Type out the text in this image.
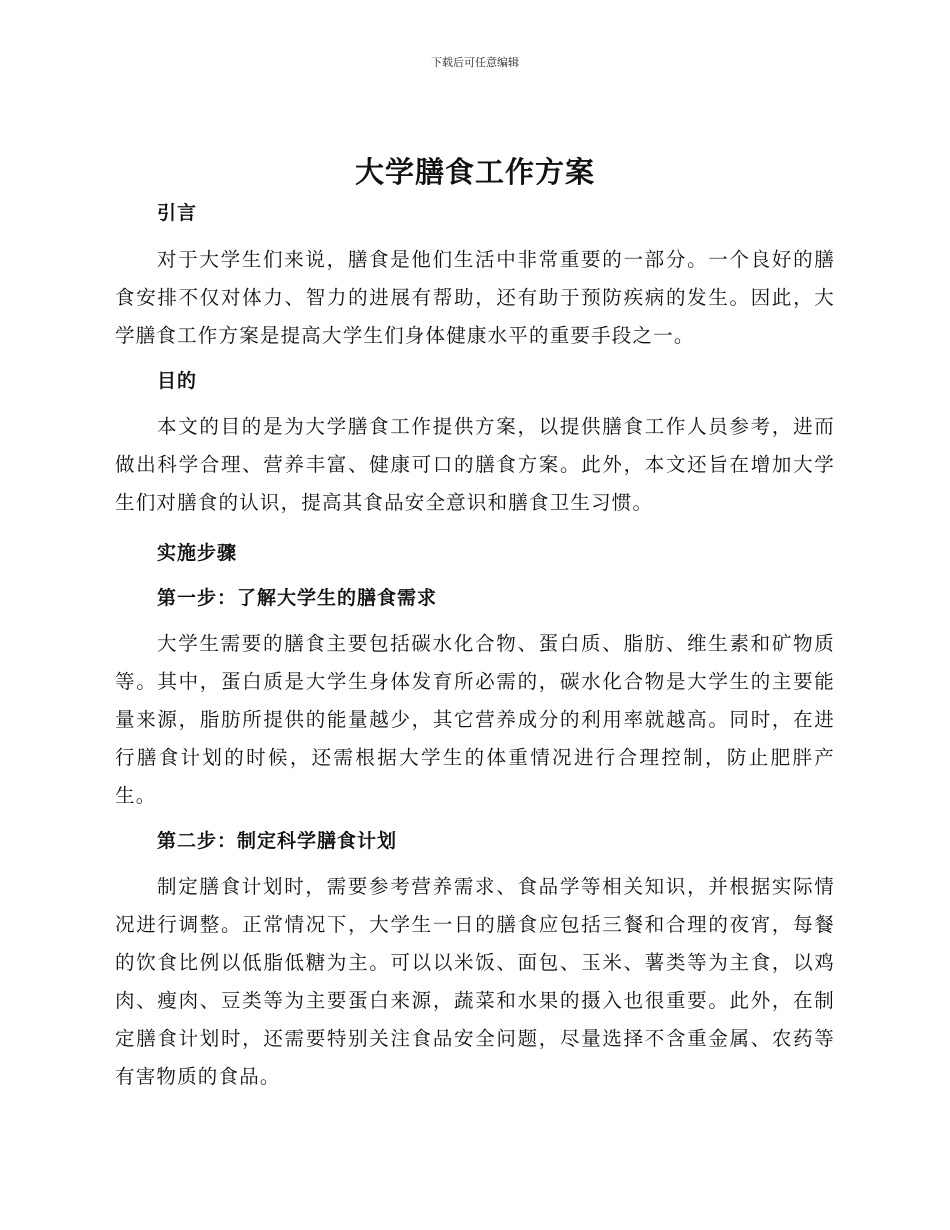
下载后可任意编辑
大学膳食工作方案

引言

对于大学生们来说，膳食是他们生活中非常重要的一部分。一个良好的膳食安排不仅对体力、智力的进展有帮助，还有助于预防疾病的发生。因此，大学膳食工作方案是提高大学生们身体健康水平的重要手段之一。

目的

本文的目的是为大学膳食工作提供方案，以提供膳食工作人员参考，进而做出科学合理、营养丰富、健康可口的膳食方案。此外，本文还旨在增加大学生们对膳食的认识，提高其食品安全意识和膳食卫生习惯。

实施步骤

第一步：了解大学生的膳食需求

大学生需要的膳食主要包括碳水化合物、蛋白质、脂肪、维生素和矿物质等。其中，蛋白质是大学生身体发育所必需的，碳水化合物是大学生的主要能量来源，脂肪所提供的能量越少，其它营养成分的利用率就越高。同时，在进行膳食计划的时候，还需根据大学生的体重情况进行合理控制，防止肥胖产生。

第二步：制定科学膳食计划

制定膳食计划时，需要参考营养需求、食品学等相关知识，并根据实际情况进行调整。正常情况下，大学生一日的膳食应包括三餐和合理的夜宵，每餐的饮食比例以低脂低糖为主。可以以米饭、面包、玉米、薯类等为主食，以鸡肉、瘦肉、豆类等为主要蛋白来源，蔬菜和水果的摄入也很重要。此外，在制定膳食计划时，还需要特别关注食品安全问题，尽量选择不含重金属、农药等有害物质的食品。
